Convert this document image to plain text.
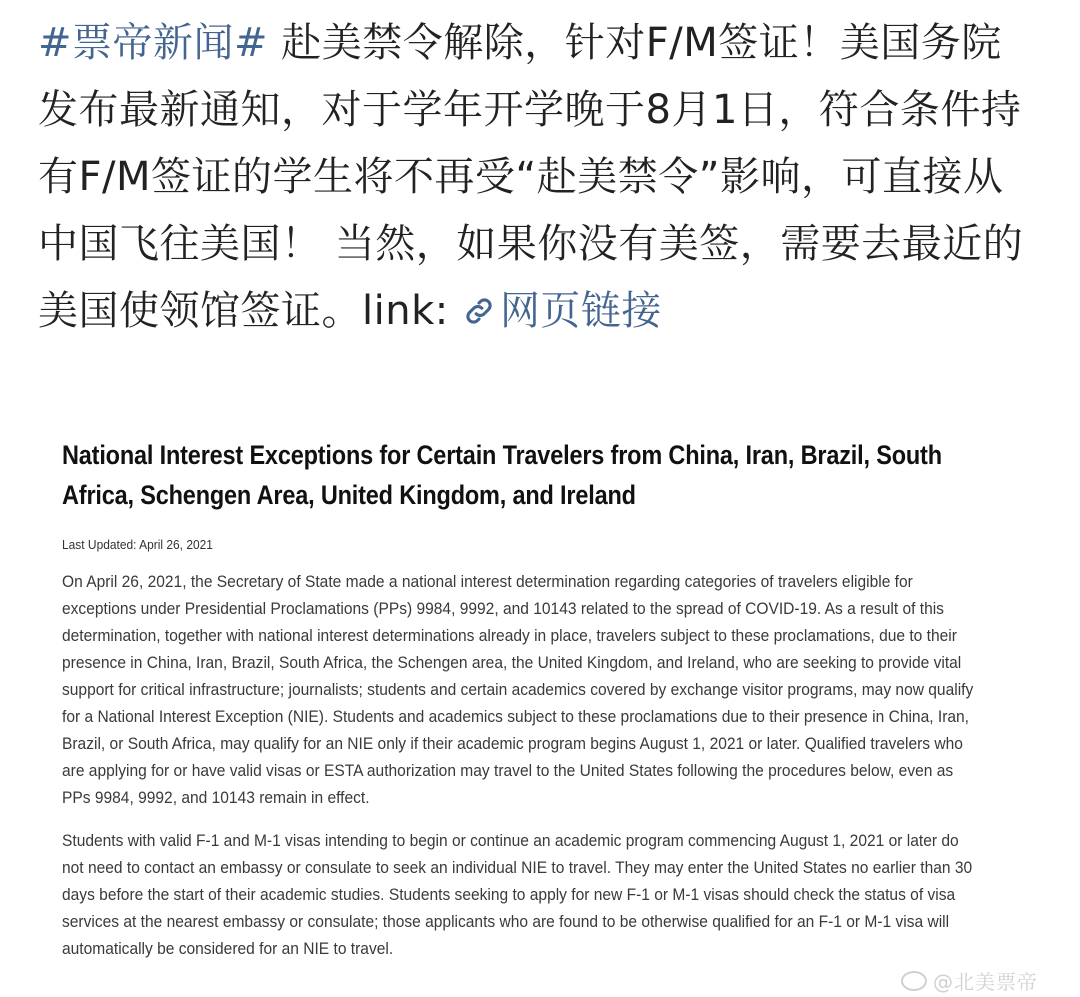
#票帝新闻# 赴美禁令解除，针对F/M签证！美国务院发布最新通知，对于学年开学晚于8月1日，符合条件持有F/M签证的学生将不再受“赴美禁令”影响，可直接从中国飞往美国！ 当然，如果你没有美签，需要去最近的美国使领馆签证。link: 网页链接
National Interest Exceptions for Certain Travelers from China, Iran, Brazil, South Africa, Schengen Area, United Kingdom, and Ireland
Last Updated: April 26, 2021

On April 26, 2021, the Secretary of State made a national interest determination regarding categories of travelers eligible for exceptions under Presidential Proclamations (PPs) 9984, 9992, and 10143 related to the spread of COVID-19. As a result of this determination, together with national interest determinations already in place, travelers subject to these proclamations, due to their presence in China, Iran, Brazil, South Africa, the Schengen area, the United Kingdom, and Ireland, who are seeking to provide vital support for critical infrastructure; journalists; students and certain academics covered by exchange visitor programs, may now qualify for a National Interest Exception (NIE). Students and academics subject to these proclamations due to their presence in China, Iran, Brazil, or South Africa, may qualify for an NIE only if their academic program begins August 1, 2021 or later. Qualified travelers who are applying for or have valid visas or ESTA authorization may travel to the United States following the procedures below, even as PPs 9984, 9992, and 10143 remain in effect.

Students with valid F-1 and M-1 visas intending to begin or continue an academic program commencing August 1, 2021 or later do not need to contact an embassy or consulate to seek an individual NIE to travel. They may enter the United States no earlier than 30 days before the start of their academic studies. Students seeking to apply for new F-1 or M-1 visas should check the status of visa services at the nearest embassy or consulate; those applicants who are found to be otherwise qualified for an F-1 or M-1 visa will automatically be considered for an NIE to travel.

@北美票帝
